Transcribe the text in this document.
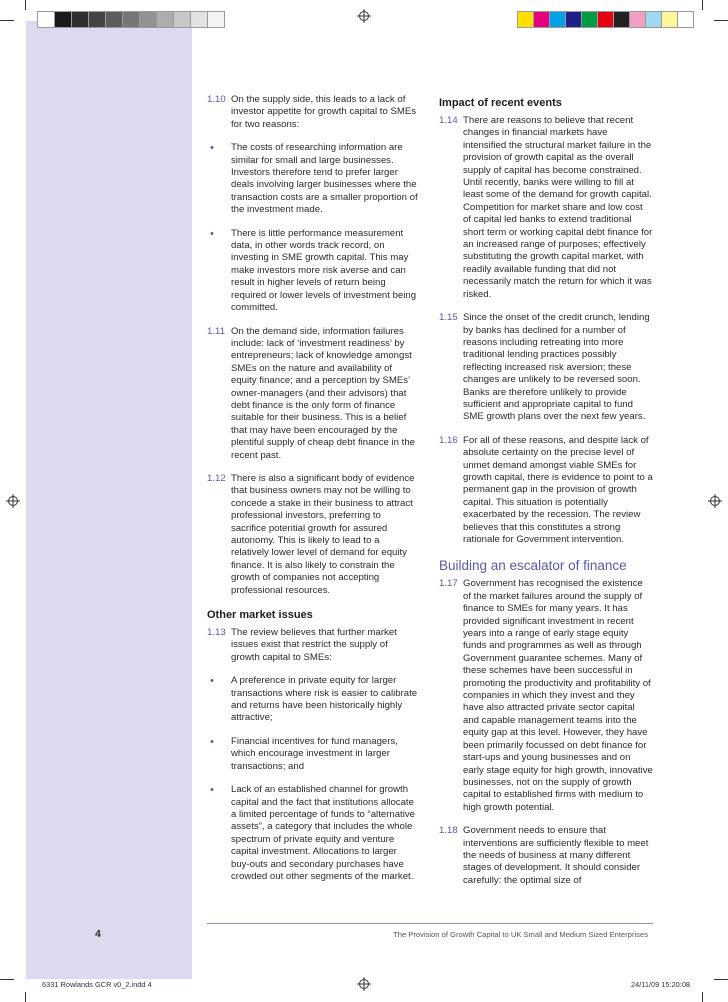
1.10 On the supply side, this leads to a lack of investor appetite for growth capital to SMEs for two reasons:
•	The costs of researching information are similar for small and large businesses. Investors therefore tend to prefer larger deals involving larger businesses where the transaction costs are a smaller proportion of the investment made.
•	There is little performance measurement data, in other words track record, on investing in SME growth capital. This may make investors more risk averse and can result in higher levels of return being required or lower levels of investment being committed.
1.11 On the demand side, information failures include: lack of ‘investment readiness’ by entrepreneurs; lack of knowledge amongst SMEs on the nature and availability of equity finance; and a perception by SMEs’ owner-managers (and their advisors) that debt finance is the only form of finance suitable for their business. This is a belief that may have been encouraged by the plentiful supply of cheap debt finance in the recent past.
1.12 There is also a significant body of evidence that business owners may not be willing to concede a stake in their business to attract professional investors, preferring to sacrifice potential growth for assured autonomy. This is likely to lead to a relatively lower level of demand for equity finance. It is also likely to constrain the growth of companies not accepting professional resources.
Other market issues
1.13 The review believes that further market issues exist that restrict the supply of growth capital to SMEs:
•	A preference in private equity for larger transactions where risk is easier to calibrate and returns have been historically highly attractive;
•	Financial incentives for fund managers, which encourage investment in larger transactions; and
•	Lack of an established channel for growth capital and the fact that institutions allocate a limited percentage of funds to “alternative assets”, a category that includes the whole spectrum of private equity and venture capital investment. Allocations to larger buy-outs and secondary purchases have crowded out other segments of the market.
Impact of recent events
1.14 There are reasons to believe that recent changes in financial markets have intensified the structural market failure in the provision of growth capital as the overall supply of capital has become constrained. Until recently, banks were willing to fill at least some of the demand for growth capital. Competition for market share and low cost of capital led banks to extend traditional short term or working capital debt finance for an increased range of purposes; effectively substituting the growth capital market, with readily available funding that did not necessarily match the return for which it was risked.
1.15 Since the onset of the credit crunch, lending by banks has declined for a number of reasons including retreating into more traditional lending practices possibly reflecting increased risk aversion; these changes are unlikely to be reversed soon. Banks are therefore unlikely to provide sufficient and appropriate capital to fund SME growth plans over the next few years.
1.16 For all of these reasons, and despite lack of absolute certainty on the precise level of unmet demand amongst viable SMEs for growth capital, there is evidence to point to a permanent gap in the provision of growth capital. This situation is potentially exacerbated by the recession. The review believes that this constitutes a strong rationale for Government intervention.
Building an escalator of finance
1.17 Government has recognised the existence of the market failures around the supply of finance to SMEs for many years. It has provided significant investment in recent years into a range of early stage equity funds and programmes as well as through Government guarantee schemes. Many of these schemes have been successful in promoting the productivity and profitability of companies in which they invest and they have also attracted private sector capital and capable management teams into the equity gap at this level. However, they have been primarily focussed on debt finance for start-ups and young businesses and on early stage equity for high growth, innovative businesses, not on the supply of growth capital to established firms with medium to high growth potential.
1.18 Government needs to ensure that interventions are sufficiently flexible to meet the needs of business at many different stages of development. It should consider carefully: the optimal size of
4	The Provision of Growth Capital to UK Small and Medium Sized Enterprises
6331 Rowlands GCR v0_2.indd 4	24/11/09 15:20:08
